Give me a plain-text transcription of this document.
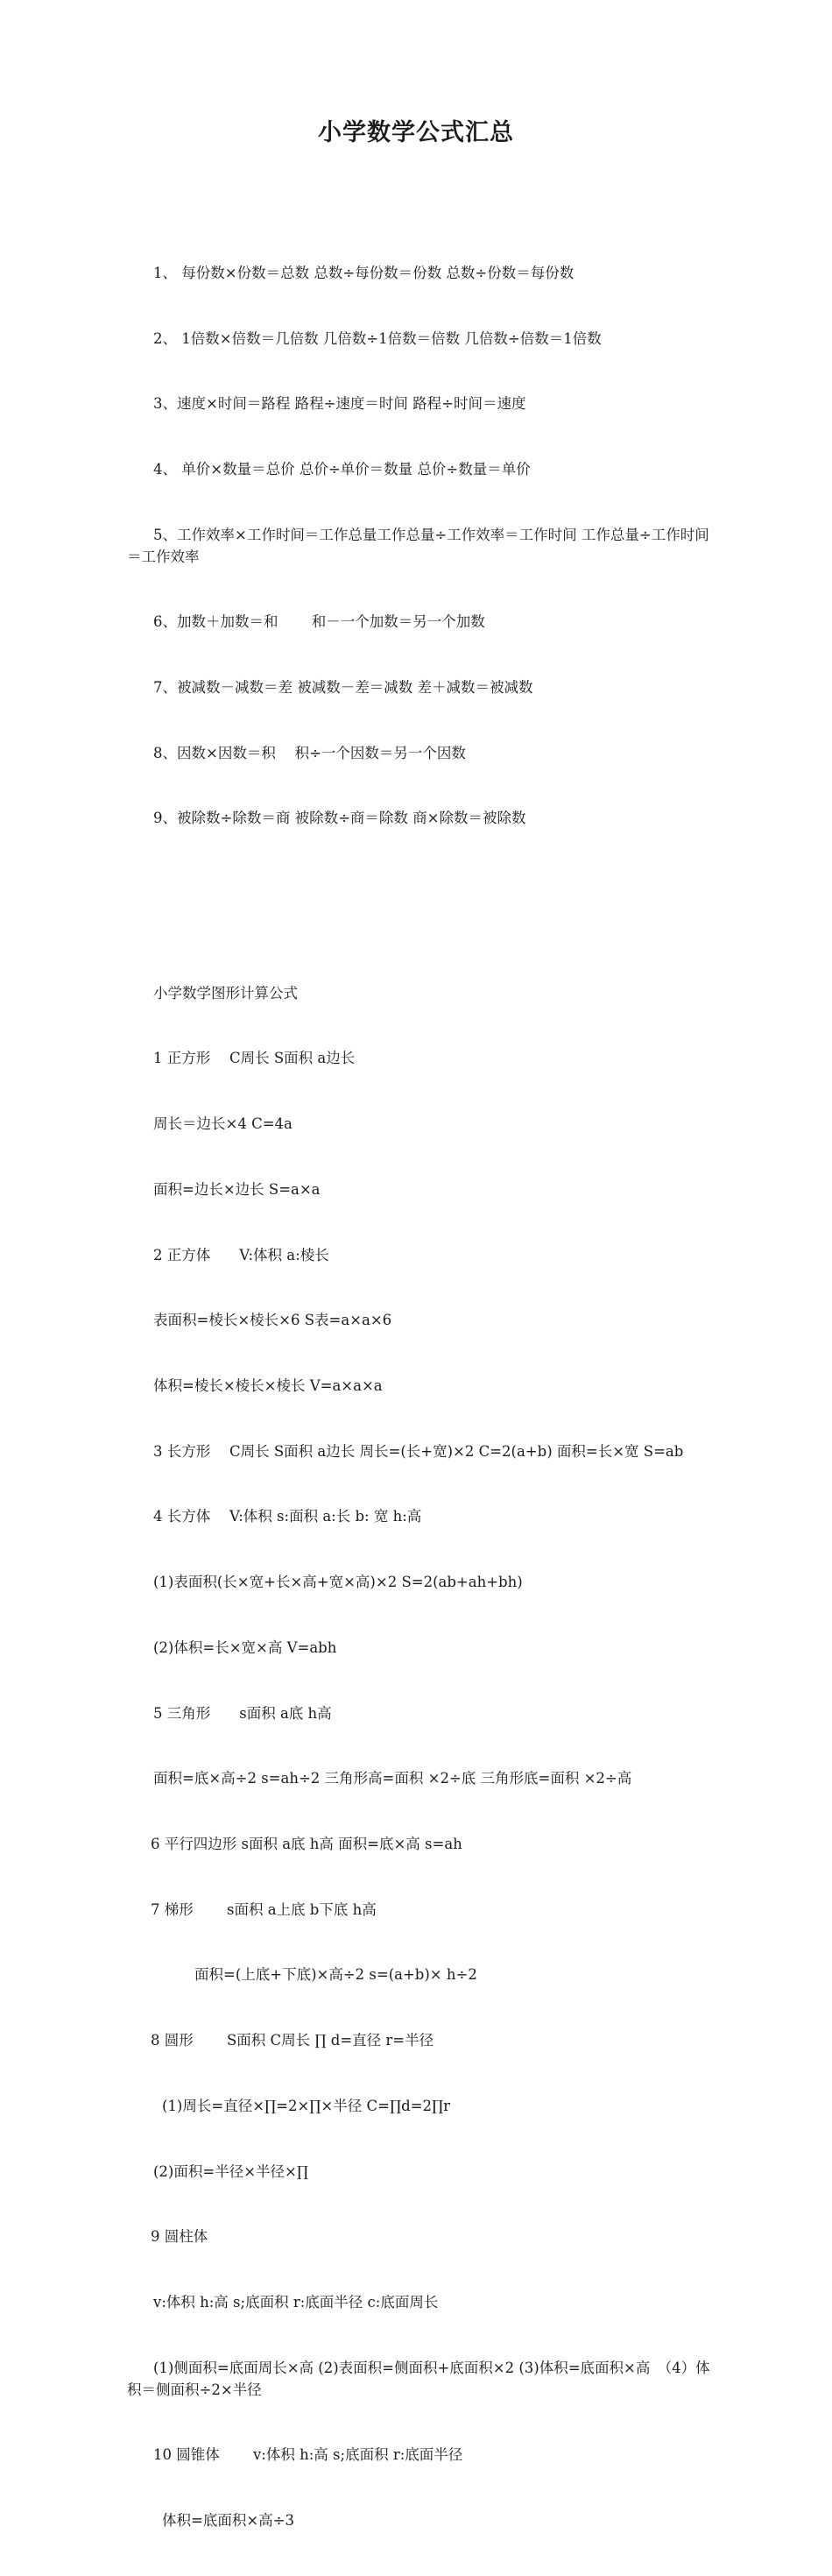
小学数学公式汇总

1、 每份数×份数＝总数 总数÷每份数＝份数 总数÷份数＝每份数

2、 1倍数×倍数＝几倍数 几倍数÷1倍数＝倍数 几倍数÷倍数＝1倍数

3、速度×时间＝路程 路程÷速度＝时间 路程÷时间＝速度

4、 单价×数量＝总价 总价÷单价＝数量 总价÷数量＝单价

5、工作效率×工作时间＝工作总量工作总量÷工作效率＝工作时间 工作总量÷工作时间＝工作效率

6、加数＋加数＝和　　 和－一个加数＝另一个加数

7、被减数－减数＝差 被减数－差＝减数 差＋减数＝被减数

8、因数×因数＝积　 积÷一个因数＝另一个因数

9、被除数÷除数＝商 被除数÷商＝除数 商×除数＝被除数

小学数学图形计算公式

1 正方形　 C周长 S面积 a边长

周长＝边长×4 C=4a

面积=边长×边长 S=a×a

2 正方体　　V:体积 a:棱长

表面积=棱长×棱长×6 S表=a×a×6

体积=棱长×棱长×棱长 V=a×a×a

3 长方形　 C周长 S面积 a边长 周长=(长+宽)×2 C=2(a+b) 面积=长×宽 S=ab

4 长方体　 V:体积 s:面积 a:长 b: 宽 h:高

(1)表面积(长×宽+长×高+宽×高)×2 S=2(ab+ah+bh)

(2)体积=长×宽×高 V=abh

5 三角形　　s面积 a底 h高

面积=底×高÷2 s=ah÷2 三角形高=面积 ×2÷底 三角形底=面积 ×2÷高

6 平行四边形 s面积 a底 h高 面积=底×高 s=ah

7 梯形　　 s面积 a上底 b下底 h高

面积=(上底+下底)×高÷2 s=(a+b)× h÷2

8 圆形　　 S面积 C周长 ∏ d=直径 r=半径

(1)周长=直径×∏=2×∏×半径 C=∏d=2∏r

(2)面积=半径×半径×∏

9 圆柱体

v:体积 h:高 s;底面积 r:底面半径 c:底面周长

(1)侧面积=底面周长×高 (2)表面积=侧面积+底面积×2 (3)体积=底面积×高　（4）体积＝侧面积÷2×半径

10 圆锥体　　 v:体积 h:高 s;底面积 r:底面半径

体积=底面积×高÷3
